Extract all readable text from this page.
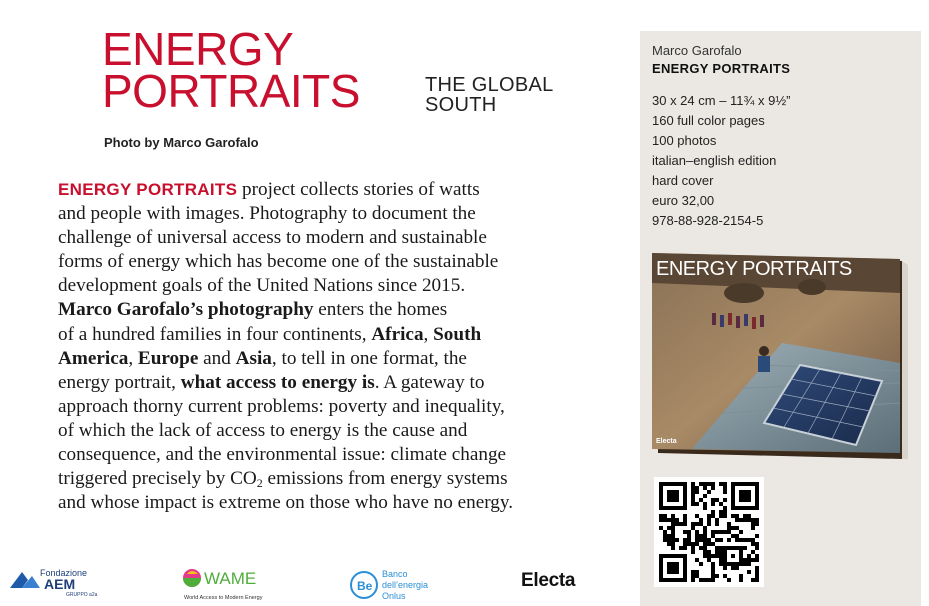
ENERGY
PORTRAITS	THE GLOBAL
SOUTH
Photo by Marco Garofalo
ENERGY PORTRAITS project collects stories of watts
and people with images. Photography to document the
challenge of universal access to modern and sustainable
forms of energy which has become one of the sustainable
development goals of the United Nations since 2015.
Marco Garofalo’s photography enters the homes
of a hundred families in four continents, Africa, South
America, Europe and Asia, to tell in one format, the
energy portrait, what access to energy is. A gateway to
approach thorny current problems: poverty and inequality,
of which the lack of access to energy is the cause and
consequence, and the environmental issue: climate change
triggered precisely by $CO_2$ emissions from energy systems
and whose impact is extreme on those who have no energy.
Marco Garofalo
ENERGY PORTRAITS
30 x 24 cm – 11¾ x 9½”
160 full color pages
100 photos
italian–english edition
hard cover
euro 32,00
978-88-928-2154-5
ENERGY PORTRAITS
Electa
Fondazione
AEM
GRUPPO a2a
WAME
World Access to Modern Energy
Be
Banco
dell’energia
Onlus
Electa
